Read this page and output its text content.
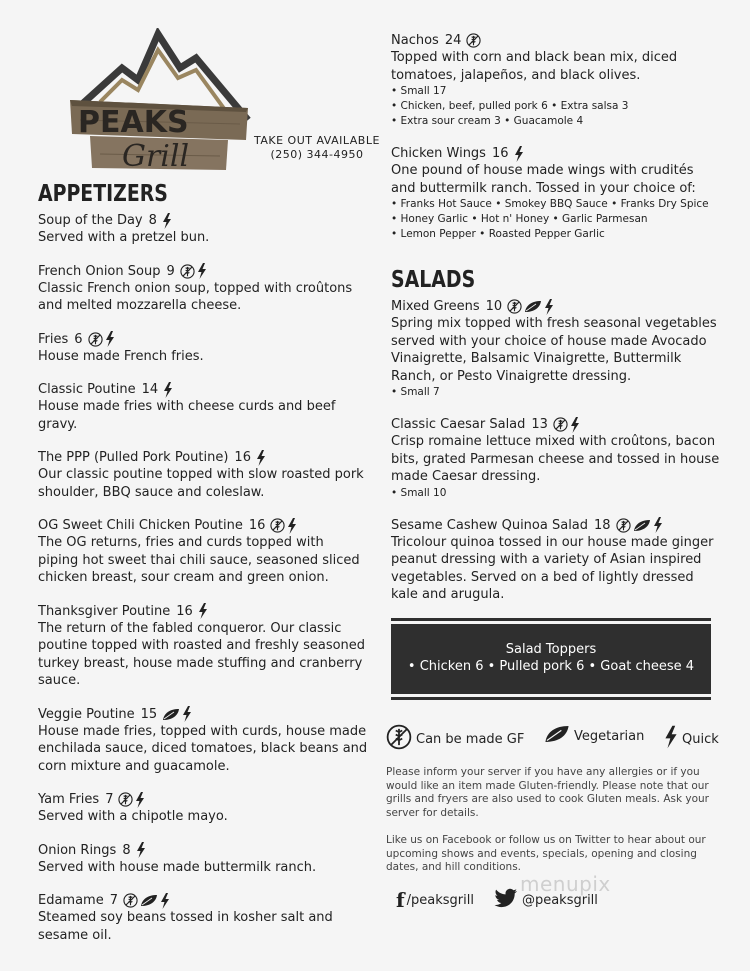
PEAKS
Grill	TAKE OUT AVAILABLE
(250) 344-4950
APPETIZERS
Soup of the Day 8
Served with a pretzel bun.
French Onion Soup 9
Classic French onion soup, topped with croûtons and melted mozzarella cheese.
Fries 6
House made French fries.
Classic Poutine 14
House made fries with cheese curds and beef gravy.
The PPP (Pulled Pork Poutine) 16
Our classic poutine topped with slow roasted pork shoulder, BBQ sauce and coleslaw.
OG Sweet Chili Chicken Poutine 16
The OG returns, fries and curds topped with piping hot sweet thai chili sauce, seasoned sliced chicken breast, sour cream and green onion.
Thanksgiver Poutine 16
The return of the fabled conqueror. Our classic poutine topped with roasted and freshly seasoned turkey breast, house made stuffing and cranberry sauce.
Veggie Poutine 15
House made fries, topped with curds, house made enchilada sauce, diced tomatoes, black beans and corn mixture and guacamole.
Yam Fries 7
Served with a chipotle mayo.
Onion Rings 8
Served with house made buttermilk ranch.
Edamame 7
Steamed soy beans tossed in kosher salt and sesame oil.
Nachos 24
Topped with corn and black bean mix, diced tomatoes, jalapeños, and black olives.
• Small 17
• Chicken, beef, pulled pork 6 • Extra salsa 3
• Extra sour cream 3 • Guacamole 4
Chicken Wings 16
One pound of house made wings with crudités and buttermilk ranch. Tossed in your choice of:
• Franks Hot Sauce • Smokey BBQ Sauce • Franks Dry Spice
• Honey Garlic • Hot n' Honey • Garlic Parmesan
• Lemon Pepper • Roasted Pepper Garlic
SALADS
Mixed Greens 10
Spring mix topped with fresh seasonal vegetables served with your choice of house made Avocado Vinaigrette, Balsamic Vinaigrette, Buttermilk Ranch, or Pesto Vinaigrette dressing.
• Small 7
Classic Caesar Salad 13
Crisp romaine lettuce mixed with croûtons, bacon bits, grated Parmesan cheese and tossed in house made Caesar dressing.
• Small 10
Sesame Cashew Quinoa Salad 18
Tricolour quinoa tossed in our house made ginger peanut dressing with a variety of Asian inspired vegetables. Served on a bed of lightly dressed kale and arugula.
Salad Toppers
• Chicken 6 • Pulled pork 6 • Goat cheese 4
Can be made GF	Vegetarian	Quick
Please inform your server if you have any allergies or if you would like an item made Gluten-friendly. Please note that our grills and fryers are also used to cook Gluten meals. Ask your server for details.
Like us on Facebook or follow us on Twitter to hear about our upcoming shows and events, specials, opening and closing dates, and hill conditions.
menupix
f /peaksgrill	@peaksgrill
